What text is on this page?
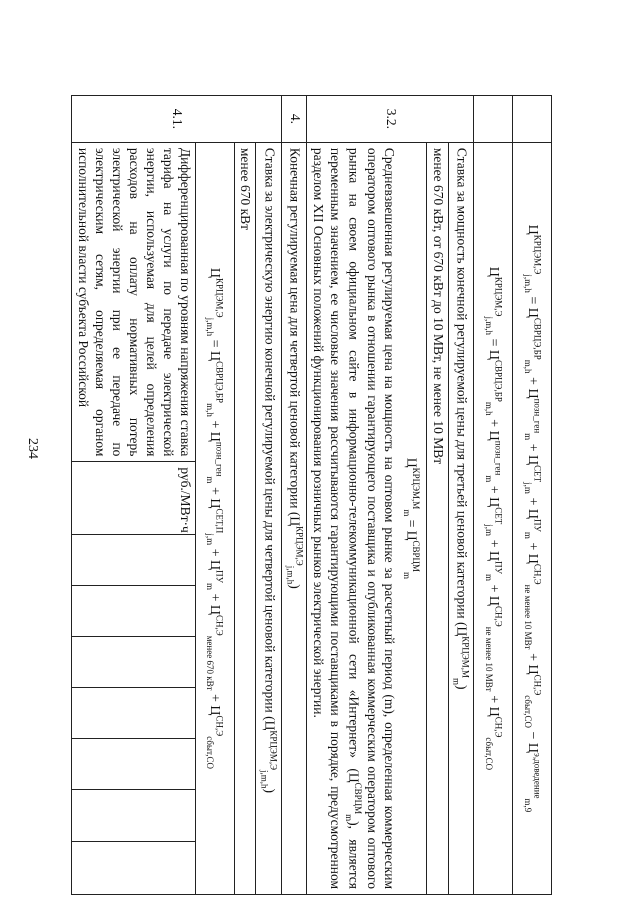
	$Ц^{КРЦЭМ,Э}_{j,m,h} = Ц^{СВРЦЭ,БР}_{m,h} + Ц^{позн\_ген}_m + Ц^{СЕТ}_{j,m} + Ц^{ПУ}_m + Ц^{СН,Э}_{не менее 10 МВт} + Ц^{СН,Э}_{сбыт,СО} - Ц^{э,доведение}_{m,9}$
	$Ц^{КРЦЭМ,Э}_{j,m,h} = Ц^{СВРЦЭ,БР}_{m,h} + Ц^{позн\_ген}_m + Ц^{СЕТ}_{j,m} + Ц^{ПУ}_m + Ц^{СН,Э}_{не менее 10 МВт} + Ц^{СН,Э}_{сбыт,СО}$
3.2.	Ставка за мощность конечной регулируемой цены для третьей ценовой категории $(Ц^{КРЦЭМ,М}_m)$								
	менее 670 кВт, от 670 кВт до 10 МВт, не менее 10 МВт								

	$Ц^{КРЦЭМ,М}_m = Ц^{СВРЦМ}_m$
Средневзвешенная регулируемая цена на мощность на оптовом рынке за расчетный период (m), определенная коммерческим оператором оптового рынка в отношении гарантирующего поставщика и опубликованная коммерческим оператором оптового рынка на своем официальном сайте в информационно-телекоммуникационной сети «Интернет» $(Ц^{СВРЦМ}_m)$, является переменным значением, ее числовые значения рассчитываются гарантирующими поставщиками в порядке, предусмотренном разделом XII Основных положений функционирования розничных рынков электрической энергии.								

4.	Конечная регулируемая цена для четвертой ценовой категории $(Ц^{КРЦЭМ,Э}_{j,m,h})$								
4.1.	Ставка за электрическую энергию конечной регулируемой цены для четвертой ценовой категории $(Ц^{КРЦЭМ,Э}_{j,m,h})$								
	менее 670 кВт								
	$Ц^{КРЦЭМ,Э}_{j,m,h} = Ц^{СВРЦЭ,БР}_{m,h} + Ц^{позн\_ген}_m + Ц^{СЕТ,П}_{j,m} + Ц^{ПУ}_m + Ц^{СН,Э}_{менее 670 кВт} + Ц^{СН,Э}_{сбыт,СО}$
	Дифференцированная по уровням напряжения ставка тарифа на услуги по передаче электрической энергии, используемая для целей определения расходов на оплату нормативных потерь электрической энергии при ее передаче по электрическим сетям, определяемая органом исполнительной власти субъекта Российской	руб./МВт·ч							
234
